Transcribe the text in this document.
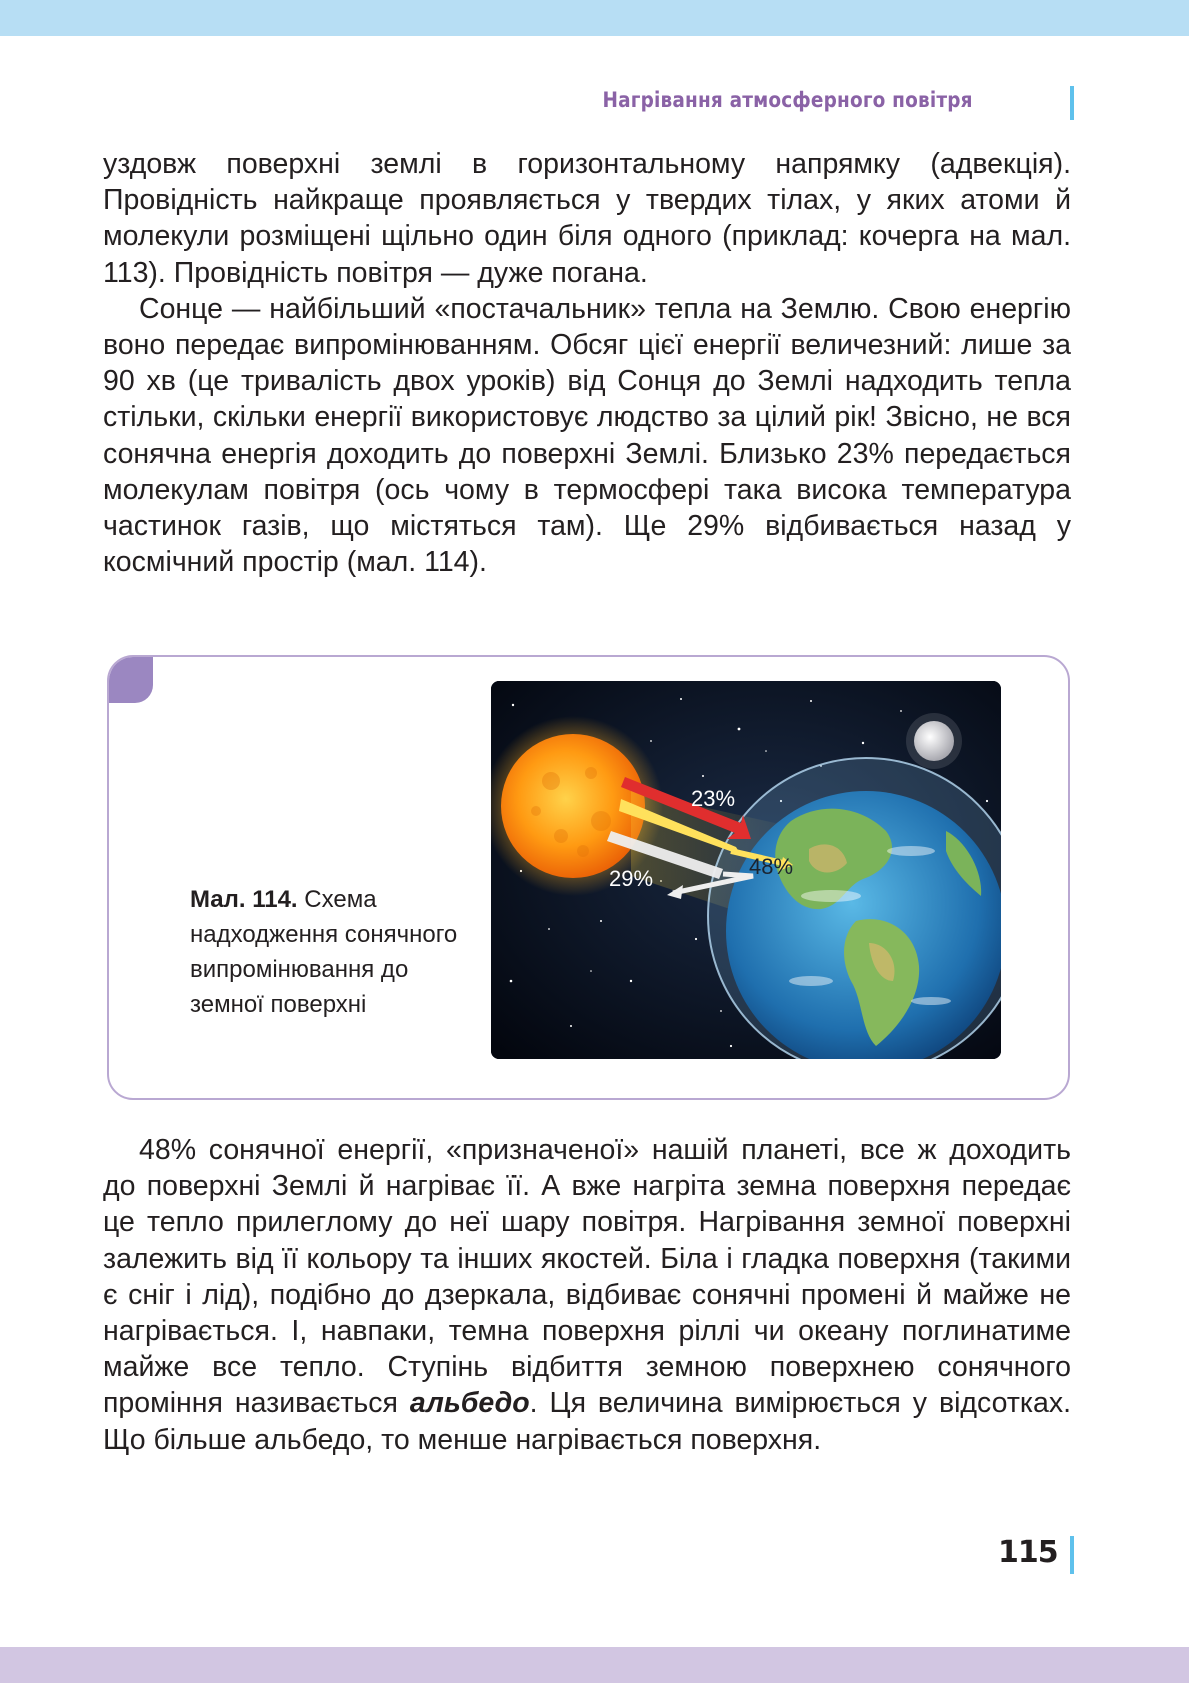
Нагрівання атмосферного повітря

уздовж поверхні землі в горизонтальному напрямку (адвекція). Провідність найкраще проявляється у твердих тілах, у яких атоми й молекули розміщені щільно один біля одного (приклад: кочерга на мал. 113). Провідність повітря — дуже погана.

Сонце — найбільший «постачальник» тепла на Землю. Свою енергію воно передає випромінюванням. Обсяг цієї енергії величезний: лише за 90 хв (це тривалість двох уроків) від Сонця до Землі надходить тепла стільки, скільки енергії використовує людство за цілий рік! Звісно, не вся сонячна енергія доходить до поверхні Землі. Близько 23% передається молекулам повітря (ось чому в термосфері така висока температура частинок газів, що містяться там). Ще 29% відбивається назад у космічний простір (мал. 114).

Мал. 114. Схема надходження сонячного випромінювання до земної поверхні
23%
29%	48%

48% сонячної енергії, «призначеної» нашій планеті, все ж доходить до поверхні Землі й нагріває її. А вже нагріта земна поверхня передає це тепло прилеглому до неї шару повітря. Нагрівання земної поверхні залежить від її кольору та інших якостей. Біла і гладка поверхня (такими є сніг і лід), подібно до дзеркала, відбиває сонячні промені й майже не нагрівається. І, навпаки, темна поверхня ріллі чи океану поглинатиме майже все тепло. Ступінь відбиття земною поверхнею сонячного проміння називається альбедо. Ця величина вимірюється у відсотках. Що більше альбедо, то менше нагрівається поверхня.

115
